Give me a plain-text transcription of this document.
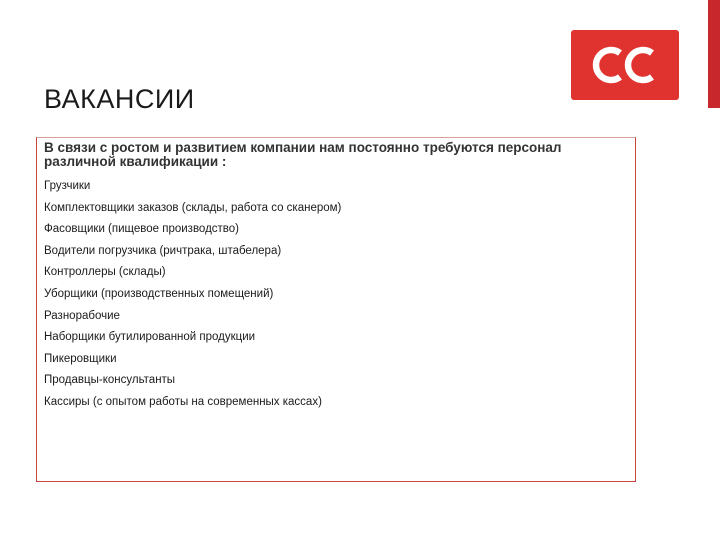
ВАКАНСИИ

В связи с ростом и развитием компании нам постоянно требуются персонал различной квалификации :

Грузчики
Комплектовщики заказов (склады, работа со сканером)
Фасовщики (пищевое производство)
Водители погрузчика (ричтрака, штабелера)
Контроллеры (склады)
Уборщики (производственных помещений)
Разнорабочие
Наборщики бутилированной продукции
Пикеровщики
Продавцы-консультанты
Кассиры (с опытом работы на современных кассах)
